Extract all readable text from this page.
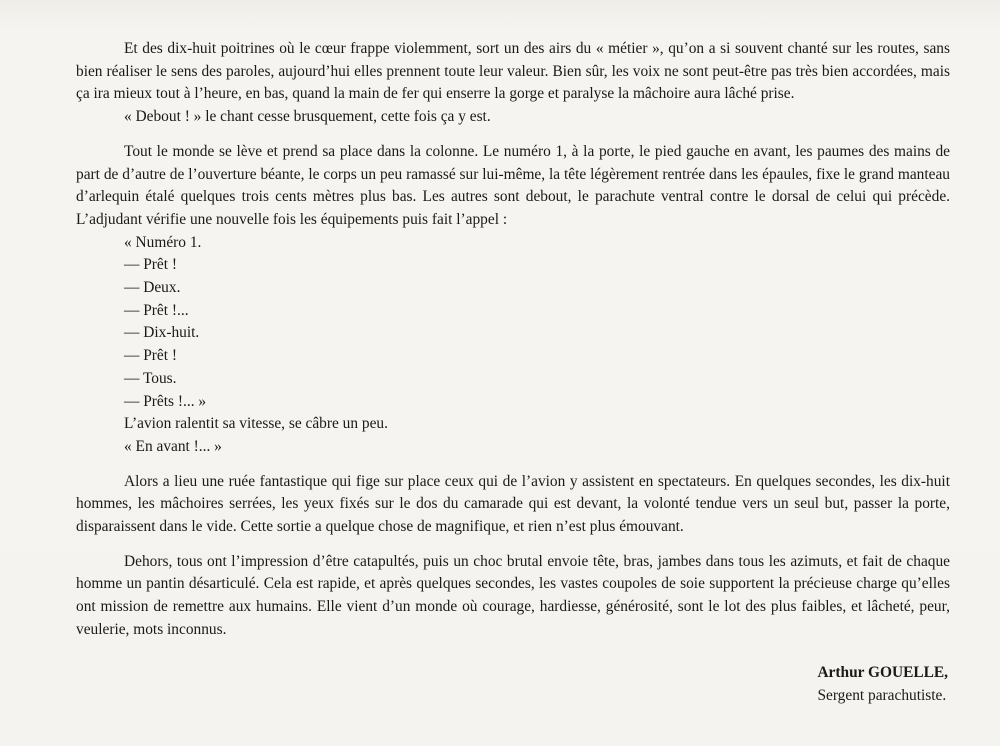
Et des dix-huit poitrines où le cœur frappe violemment, sort un des airs du « métier », qu’on a si souvent chanté sur les routes, sans bien réaliser le sens des paroles, aujourd’hui elles prennent toute leur valeur. Bien sûr, les voix ne sont peut-être pas très bien accordées, mais ça ira mieux tout à l’heure, en bas, quand la main de fer qui enserre la gorge et paralyse la mâchoire aura lâché prise.

« Debout ! » le chant cesse brusquement, cette fois ça y est.

Tout le monde se lève et prend sa place dans la colonne. Le numéro 1, à la porte, le pied gauche en avant, les paumes des mains de part de d’autre de l’ouverture béante, le corps un peu ramassé sur lui-même, la tête légèrement rentrée dans les épaules, fixe le grand manteau d’arlequin étalé quelques trois cents mètres plus bas. Les autres sont debout, le parachute ventral contre le dorsal de celui qui précède. L’adjudant vérifie une nouvelle fois les équipements puis fait l’appel :

« Numéro 1.

— Prêt !

— Deux.

— Prêt !...

— Dix-huit.

— Prêt !

— Tous.

— Prêts !... »

L’avion ralentit sa vitesse, se câbre un peu.

« En avant !... »

Alors a lieu une ruée fantastique qui fige sur place ceux qui de l’avion y assistent en spectateurs. En quelques secondes, les dix-huit hommes, les mâchoires serrées, les yeux fixés sur le dos du camarade qui est devant, la volonté tendue vers un seul but, passer la porte, disparaissent dans le vide. Cette sortie a quelque chose de magnifique, et rien n’est plus émouvant.

Dehors, tous ont l’impression d’être catapultés, puis un choc brutal envoie tête, bras, jambes dans tous les azimuts, et fait de chaque homme un pantin désarticulé. Cela est rapide, et après quelques secondes, les vastes coupoles de soie supportent la précieuse charge qu’elles ont mission de remettre aux humains. Elle vient d’un monde où courage, hardiesse, générosité, sont le lot des plus faibles, et lâcheté, peur, veulerie, mots inconnus.

Arthur GOUELLE,
Sergent parachutiste.
